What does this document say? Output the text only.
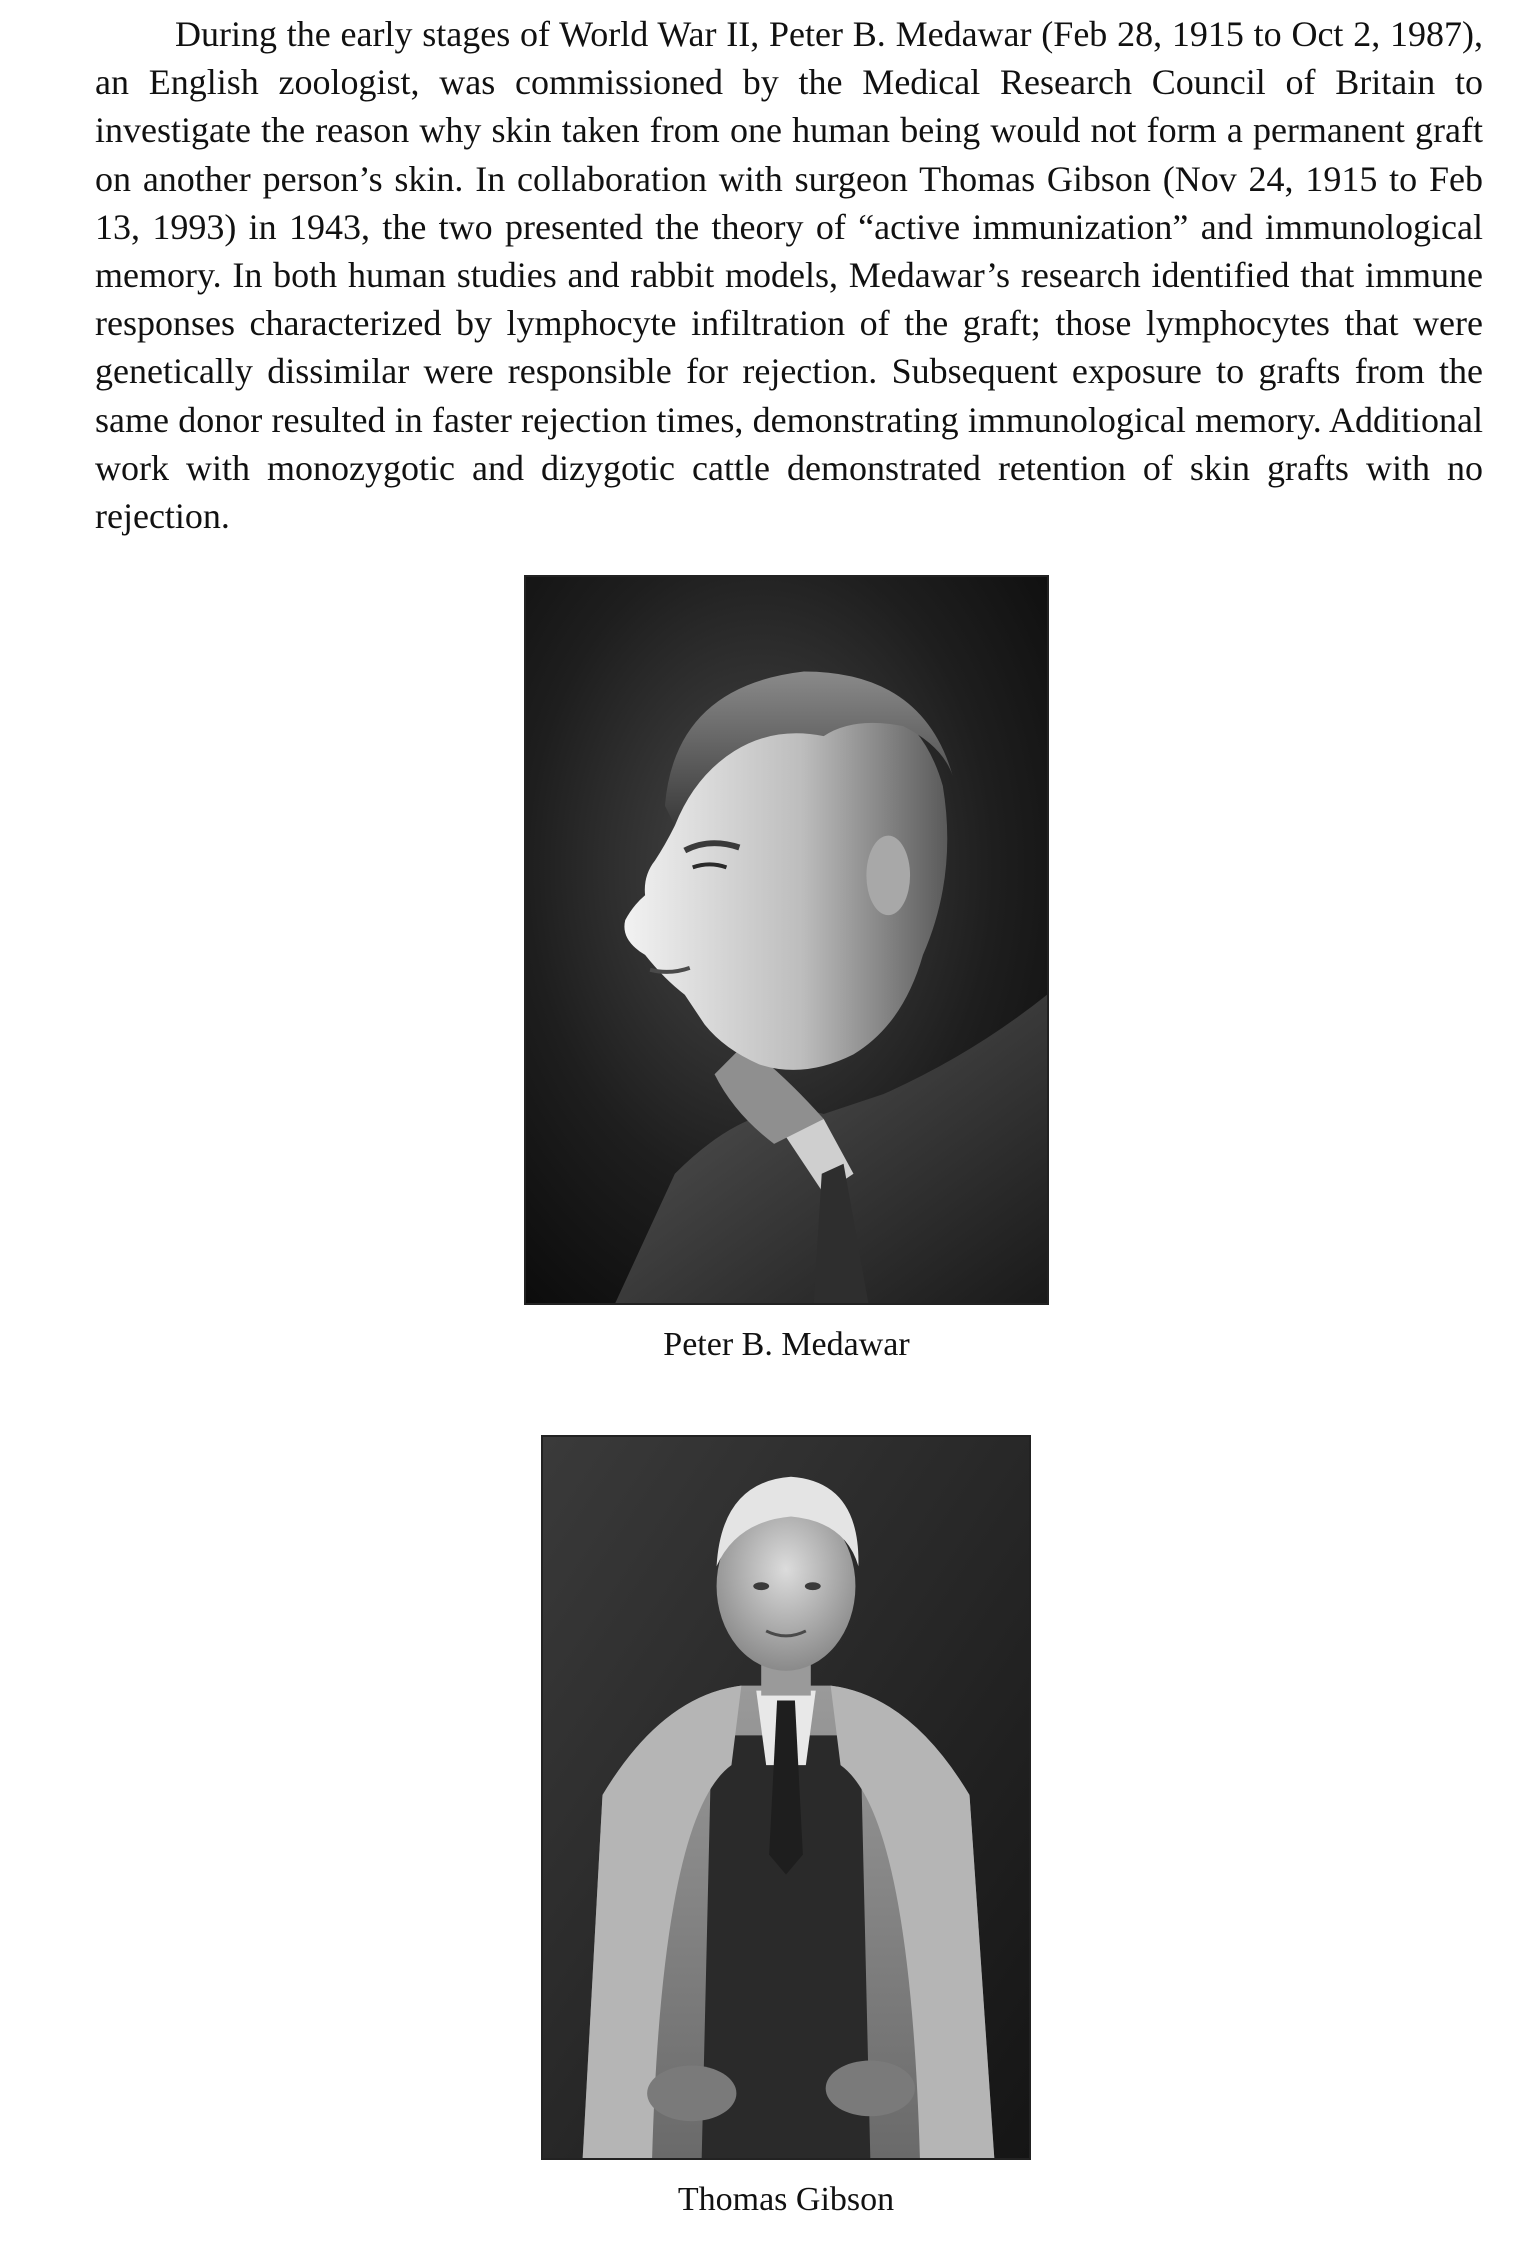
During the early stages of World War II, Peter B. Medawar (Feb 28, 1915 to Oct 2, 1987), an English zoologist, was commissioned by the Medical Research Council of Britain to investigate the reason why skin taken from one human being would not form a permanent graft on another person’s skin. In collaboration with surgeon Thomas Gibson (Nov 24, 1915 to Feb 13, 1993) in 1943, the two presented the theory of “active immunization” and immunological memory. In both human studies and rabbit models, Medawar’s research identified that immune responses characterized by lymphocyte infiltration of the graft; those lymphocytes that were genetically dissimilar were responsible for rejection. Subsequent exposure to grafts from the same donor resulted in faster rejection times, demonstrating immunological memory. Additional work with monozygotic and dizygotic cattle demonstrated retention of skin grafts with no rejection.

Peter B. Medawar
Thomas Gibson
